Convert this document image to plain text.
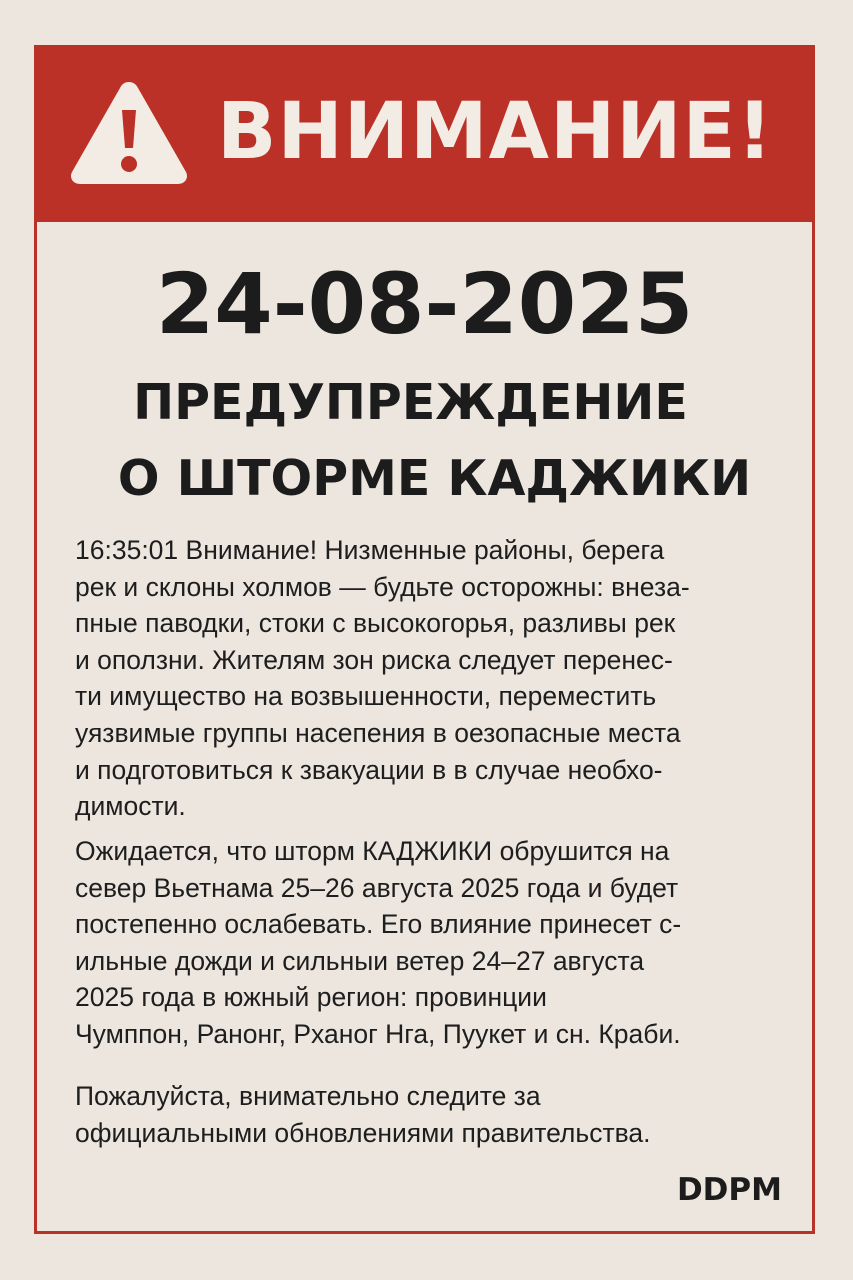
ВНИМАНИЕ!
24-08-2025
ПРЕДУПРЕЖДЕНИЕ
О ШТОРМЕ КАДЖИКИ
16:35:01 Внимание! Низменные районы, берега
рек и склоны холмов — будьте осторожны: внеза-
пные паводки, стоки с высокогорья, разливы рек
и оползни. Жителям зон риска следует перенес-
ти имущество на возвышенности, переместить
уязвимые группы насепения в оезопасные места
и подготовиться к звакуации в в случае необхо-
димости.
Ожидается, что шторм КАДЖИКИ обрушится на
север Вьетнама 25–26 августа 2025 года и будет
постепенно ослабевать. Его влияние принесет с-
ильные дожди и сильныи ветер 24–27 августа
2025 года в южный регион: провинции
Чумппон, Ранонг, Рханог Нга, Пуукет и сн. Краби.
Пожалуйста, внимательно следите за
официальными обновлениями правительства.
DDPM
